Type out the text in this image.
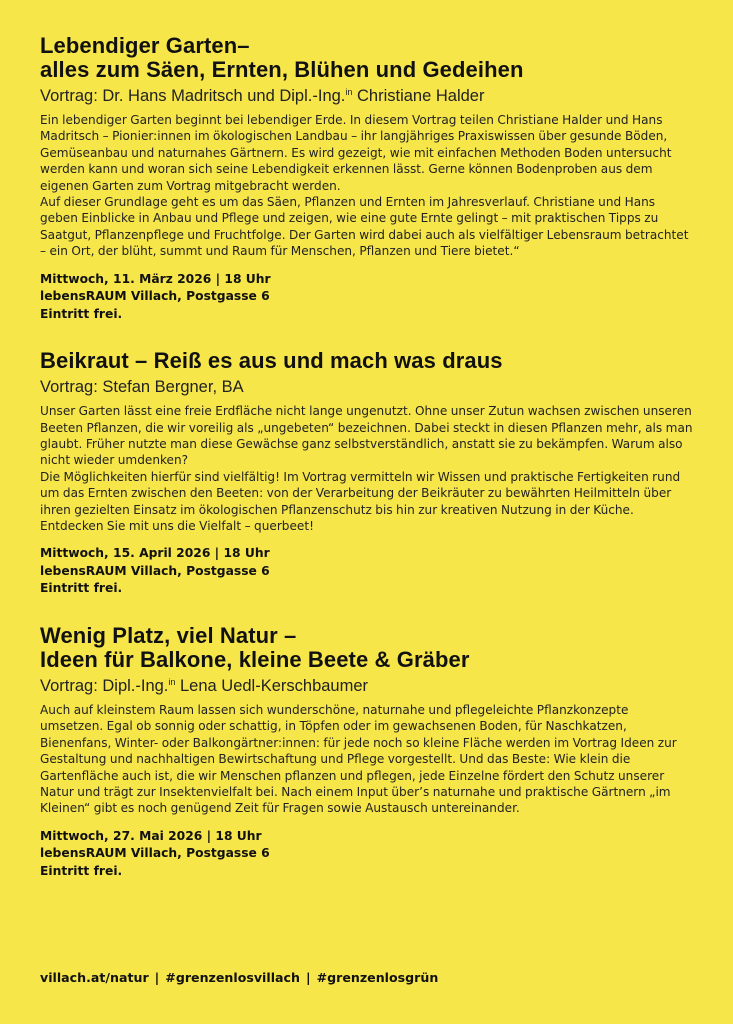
Lebendiger Garten–
alles zum Säen, Ernten, Blühen und Gedeihen
Vortrag: Dr. Hans Madritsch und Dipl.-Ing.$^{in}$ Christiane Halder

Ein lebendiger Garten beginnt bei lebendiger Erde. In diesem Vortrag teilen Christiane Halder und Hans Madritsch – Pionier:innen im ökologischen Landbau – ihr langjähriges Praxiswissen über gesunde Böden, Gemüseanbau und naturnahes Gärtnern. Es wird gezeigt, wie mit einfachen Methoden Boden untersucht werden kann und woran sich seine Lebendigkeit erkennen lässt. Gerne können Bodenproben aus dem eigenen Garten zum Vortrag mitgebracht werden.

Auf dieser Grundlage geht es um das Säen, Pflanzen und Ernten im Jahresverlauf. Christiane und Hans geben Einblicke in Anbau und Pflege und zeigen, wie eine gute Ernte gelingt – mit praktischen Tipps zu Saatgut, Pflanzenpflege und Fruchtfolge. Der Garten wird dabei auch als vielfältiger Lebensraum betrachtet – ein Ort, der blüht, summt und Raum für Menschen, Pflanzen und Tiere bietet.“

Mittwoch, 11. März 2026 | 18 Uhr
lebensRAUM Villach, Postgasse 6
Eintritt frei.
Beikraut – Reiß es aus und mach was draus
Vortrag: Stefan Bergner, BA

Unser Garten lässt eine freie Erdfläche nicht lange ungenutzt. Ohne unser Zutun wachsen zwischen unseren Beeten Pflanzen, die wir voreilig als „ungebeten“ bezeichnen. Dabei steckt in diesen Pflanzen mehr, als man glaubt. Früher nutzte man diese Gewächse ganz selbstverständlich, anstatt sie zu bekämpfen. Warum also nicht wieder umdenken?

Die Möglichkeiten hierfür sind vielfältig! Im Vortrag vermitteln wir Wissen und praktische Fertigkeiten rund um das Ernten zwischen den Beeten: von der Verarbeitung der Beikräuter zu bewährten Heilmitteln über ihren gezielten Einsatz im ökologischen Pflanzenschutz bis hin zur kreativen Nutzung in der Küche. Entdecken Sie mit uns die Vielfalt – querbeet!

Mittwoch, 15. April 2026 | 18 Uhr
lebensRAUM Villach, Postgasse 6
Eintritt frei.
Wenig Platz, viel Natur –
Ideen für Balkone, kleine Beete & Gräber
Vortrag: Dipl.-Ing.$^{in}$ Lena Uedl-Kerschbaumer

Auch auf kleinstem Raum lassen sich wunderschöne, naturnahe und pflegeleichte Pflanzkonzepte umsetzen. Egal ob sonnig oder schattig, in Töpfen oder im gewachsenen Boden, für Naschkatzen, Bienenfans, Winter- oder Balkongärtner:innen: für jede noch so kleine Fläche werden im Vortrag Ideen zur Gestaltung und nachhaltigen Bewirtschaftung und Pflege vorgestellt. Und das Beste: Wie klein die Gartenfläche auch ist, die wir Menschen pflanzen und pflegen, jede Einzelne fördert den Schutz unserer Natur und trägt zur Insektenvielfalt bei. Nach einem Input über’s naturnahe und praktische Gärtnern „im Kleinen“ gibt es noch genügend Zeit für Fragen sowie Austausch untereinander.

Mittwoch, 27. Mai 2026 | 18 Uhr
lebensRAUM Villach, Postgasse 6
Eintritt frei.
villach.at/natur | #grenzenlosvillach | #grenzenlosgrün
